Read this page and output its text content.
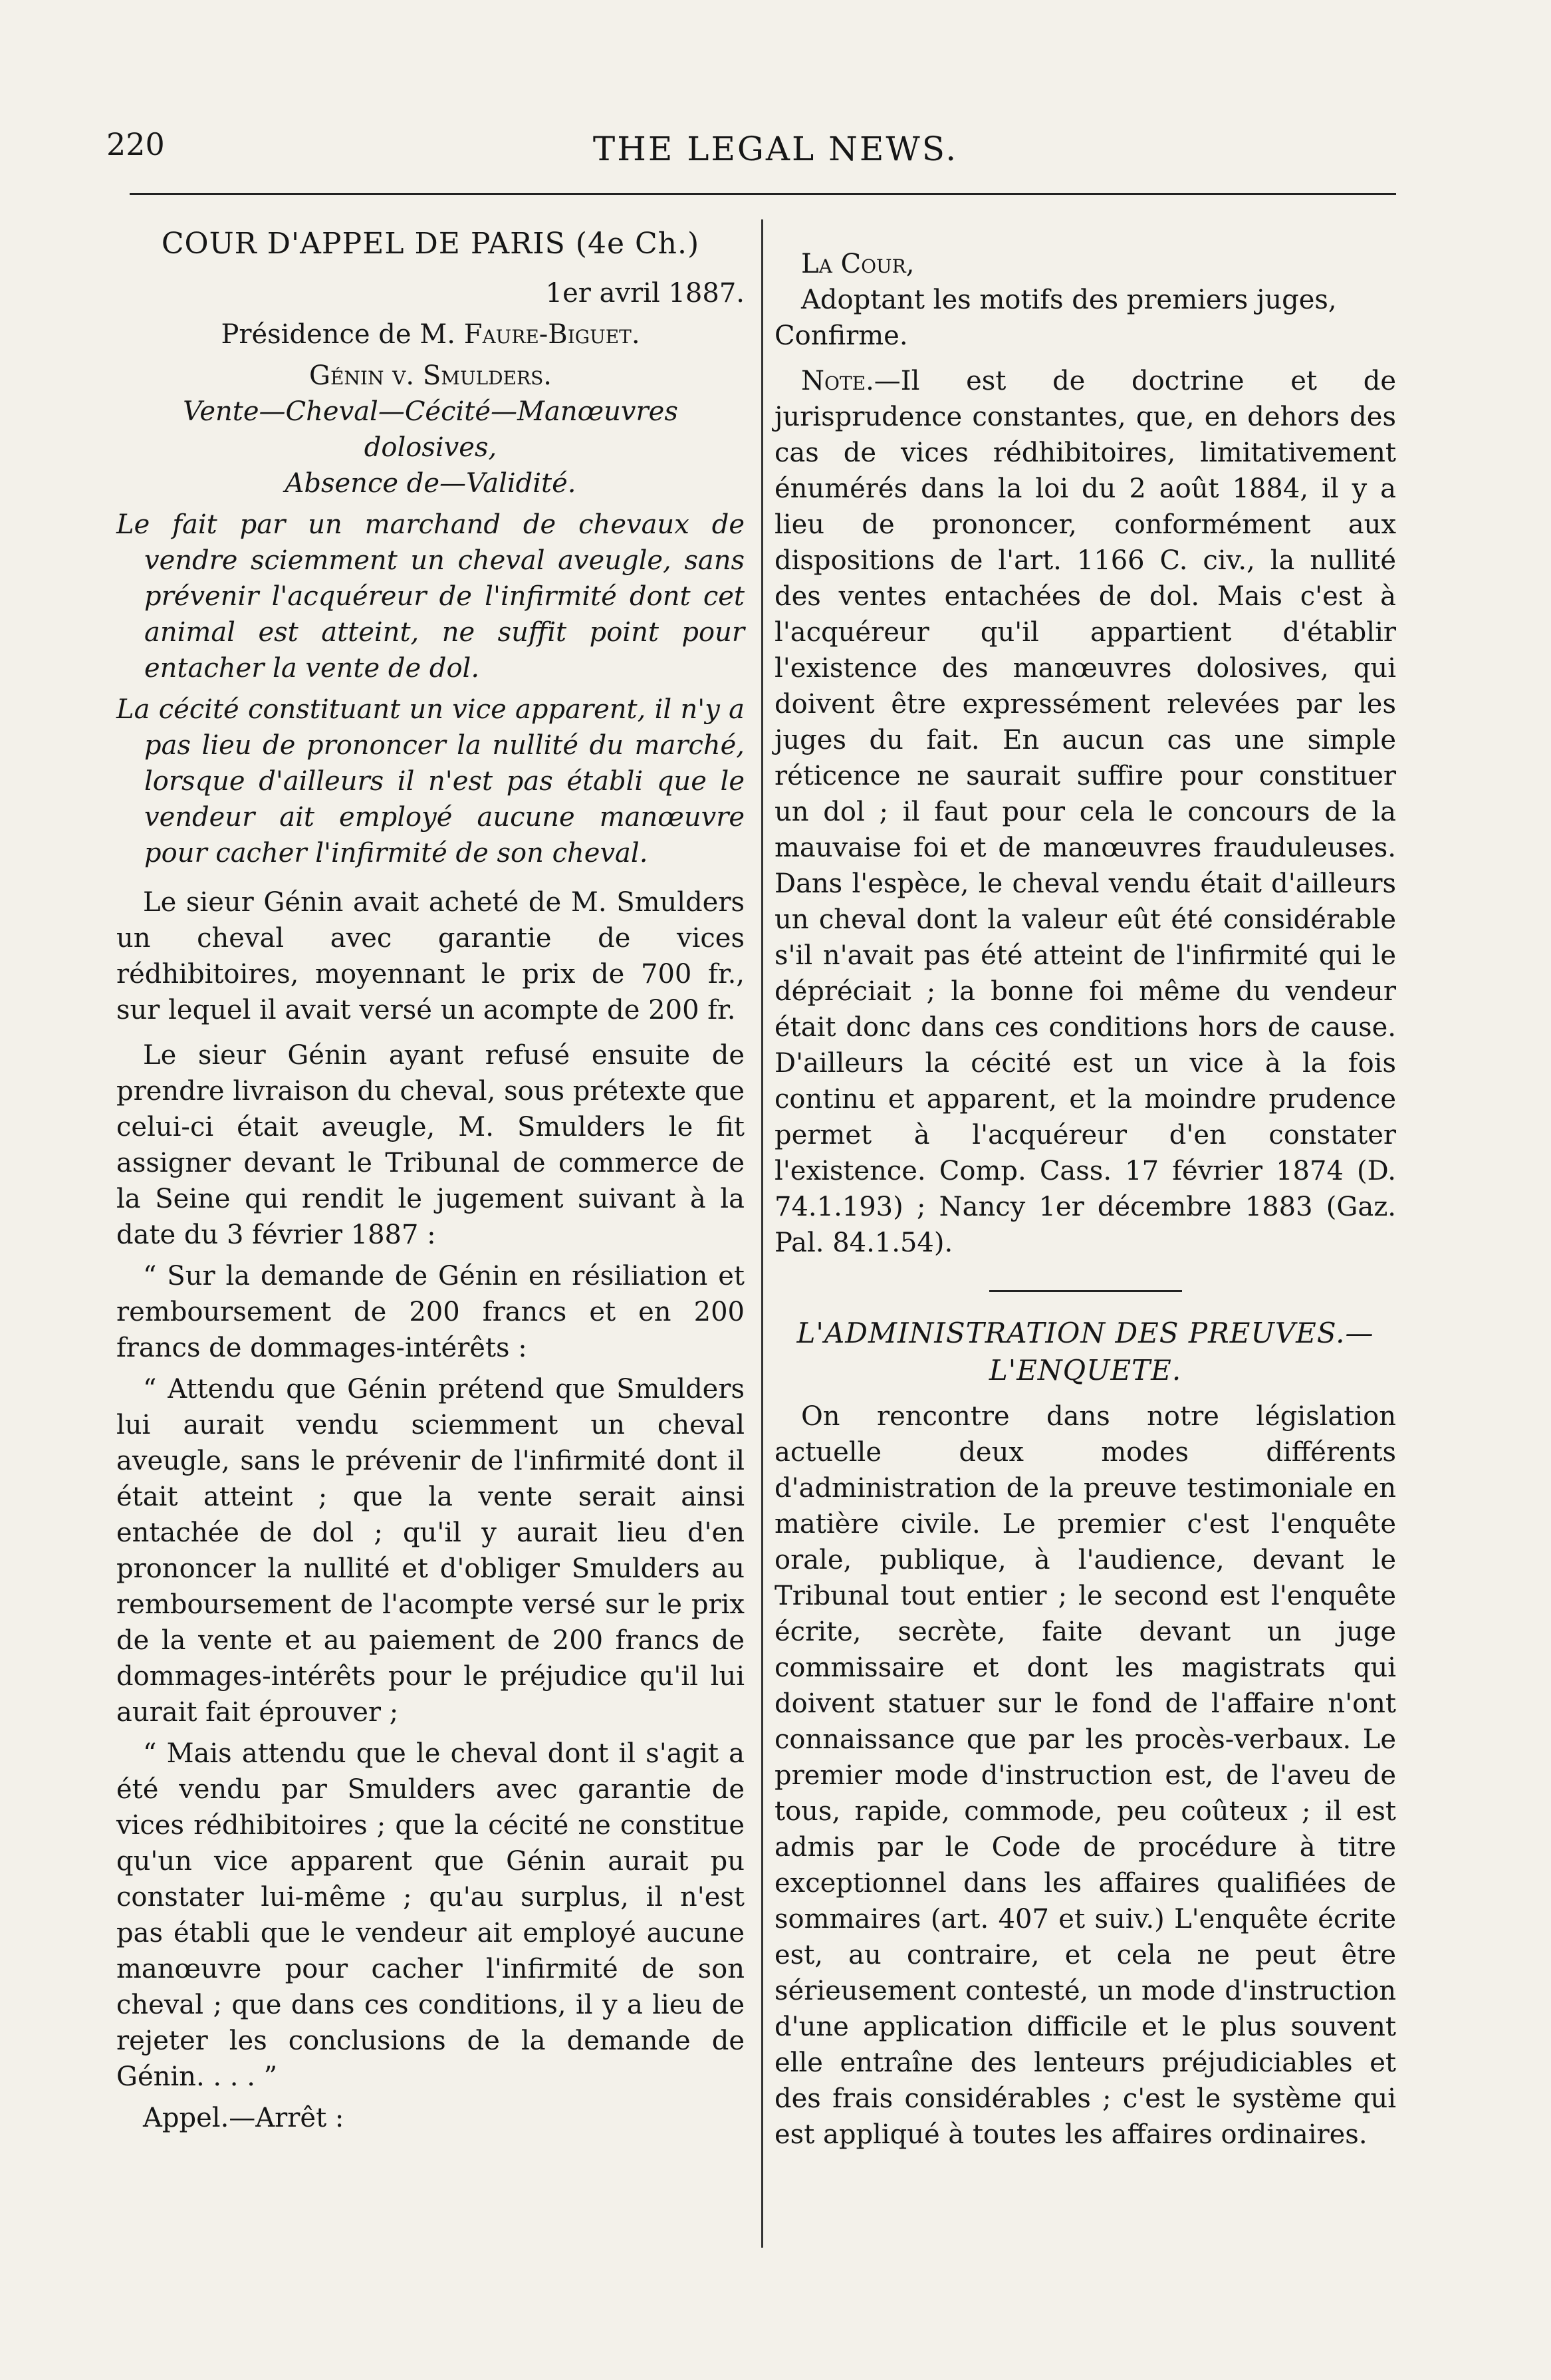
220	THE LEGAL NEWS.

COUR D'APPEL DE PARIS (4e Ch.)

1er avril 1887.

Présidence de M. Faure-Biguet.

Génin v. Smulders.

Vente—Cheval—Cécité—Manœuvres dolosives,

Absence de—Validité.

Le fait par un marchand de chevaux de vendre sciemment un cheval aveugle, sans prévenir l'acquéreur de l'infirmité dont cet animal est atteint, ne suffit point pour entacher la vente de dol.

La cécité constituant un vice apparent, il n'y a pas lieu de prononcer la nullité du marché, lorsque d'ailleurs il n'est pas établi que le vendeur ait employé aucune manœuvre pour cacher l'infirmité de son cheval.

Le sieur Génin avait acheté de M. Smulders un cheval avec garantie de vices rédhibitoires, moyennant le prix de 700 fr., sur lequel il avait versé un acompte de 200 fr.

Le sieur Génin ayant refusé ensuite de prendre livraison du cheval, sous prétexte que celui-ci était aveugle, M. Smulders le fit assigner devant le Tribunal de commerce de la Seine qui rendit le jugement suivant à la date du 3 février 1887 :

“ Sur la demande de Génin en résiliation et remboursement de 200 francs et en 200 francs de dommages-intérêts :

“ Attendu que Génin prétend que Smulders lui aurait vendu sciemment un cheval aveugle, sans le prévenir de l'infirmité dont il était atteint ; que la vente serait ainsi entachée de dol ; qu'il y aurait lieu d'en prononcer la nullité et d'obliger Smulders au remboursement de l'acompte versé sur le prix de la vente et au paiement de 200 francs de dommages-intérêts pour le préjudice qu'il lui aurait fait éprouver ;

“ Mais attendu que le cheval dont il s'agit a été vendu par Smulders avec garantie de vices rédhibitoires ; que la cécité ne constitue qu'un vice apparent que Génin aurait pu constater lui-même ; qu'au surplus, il n'est pas établi que le vendeur ait employé aucune manœuvre pour cacher l'infirmité de son cheval ; que dans ces conditions, il y a lieu de rejeter les conclusions de la demande de Génin. . . . ”

Appel.—Arrêt :

La Cour,

Adoptant les motifs des premiers juges,

Confirme.

Note.—Il est de doctrine et de jurisprudence constantes, que, en dehors des cas de vices rédhibitoires, limitativement énumérés dans la loi du 2 août 1884, il y a lieu de prononcer, conformément aux dispositions de l'art. 1166 C. civ., la nullité des ventes entachées de dol. Mais c'est à l'acquéreur qu'il appartient d'établir l'existence des manœuvres dolosives, qui doivent être expressément relevées par les juges du fait. En aucun cas une simple réticence ne saurait suffire pour constituer un dol ; il faut pour cela le concours de la mauvaise foi et de manœuvres frauduleuses. Dans l'espèce, le cheval vendu était d'ailleurs un cheval dont la valeur eût été considérable s'il n'avait pas été atteint de l'infirmité qui le dépréciait ; la bonne foi même du vendeur était donc dans ces conditions hors de cause. D'ailleurs la cécité est un vice à la fois continu et apparent, et la moindre prudence permet à l'acquéreur d'en constater l'existence. Comp. Cass. 17 février 1874 (D. 74.1.193) ; Nancy 1er décembre 1883 (Gaz. Pal. 84.1.54).

L'ADMINISTRATION DES PREUVES.—

L'ENQUETE.

On rencontre dans notre législation actuelle deux modes différents d'administration de la preuve testimoniale en matière civile. Le premier c'est l'enquête orale, publique, à l'audience, devant le Tribunal tout entier ; le second est l'enquête écrite, secrète, faite devant un juge commissaire et dont les magistrats qui doivent statuer sur le fond de l'affaire n'ont connaissance que par les procès-verbaux. Le premier mode d'instruction est, de l'aveu de tous, rapide, commode, peu coûteux ; il est admis par le Code de procédure à titre exceptionnel dans les affaires qualifiées de sommaires (art. 407 et suiv.) L'enquête écrite est, au contraire, et cela ne peut être sérieusement contesté, un mode d'instruction d'une application difficile et le plus souvent elle entraîne des lenteurs préjudiciables et des frais considérables ; c'est le système qui est appliqué à toutes les affaires ordinaires.
